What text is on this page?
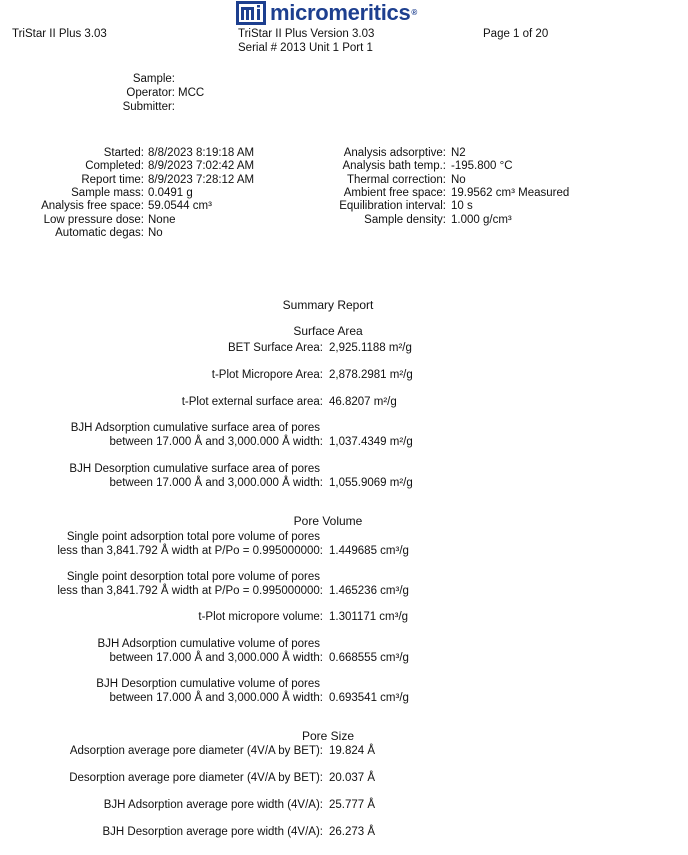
micromeritics®
TriStar II Plus 3.03	TriStar II Plus Version 3.03
Serial # 2013 Unit 1 Port 1
Page 1 of 20
Sample:
Operator: MCC
Submitter:
Started: 8/8/2023 8:19:18 AM
Completed: 8/9/2023 7:02:42 AM
Report time: 8/9/2023 7:28:12 AM
Sample mass: 0.0491 g
Analysis free space: 59.0544 cm³
Low pressure dose: None
Automatic degas: No
Analysis adsorptive: N2
Analysis bath temp.: -195.800 °C
Thermal correction: No
Ambient free space: 19.9562 cm³ Measured
Equilibration interval: 10 s
Sample density: 1.000 g/cm³
Summary Report
Surface Area
BET Surface Area: 2,925.1188 m²/g
t-Plot Micropore Area: 2,878.2981 m²/g
t-Plot external surface area: 46.8207 m²/g
BJH Adsorption cumulative surface area of pores
between 17.000 Å and 3,000.000 Å width: 1,037.4349 m²/g
BJH Desorption cumulative surface area of pores
between 17.000 Å and 3,000.000 Å width: 1,055.9069 m²/g
Pore Volume
Single point adsorption total pore volume of pores
less than 3,841.792 Å width at P/Po = 0.995000000: 1.449685 cm³/g
Single point desorption total pore volume of pores
less than 3,841.792 Å width at P/Po = 0.995000000: 1.465236 cm³/g
t-Plot micropore volume: 1.301171 cm³/g
BJH Adsorption cumulative volume of pores
between 17.000 Å and 3,000.000 Å width: 0.668555 cm³/g
BJH Desorption cumulative volume of pores
between 17.000 Å and 3,000.000 Å width: 0.693541 cm³/g
Pore Size
Adsorption average pore diameter (4V/A by BET): 19.824 Å
Desorption average pore diameter (4V/A by BET): 20.037 Å
BJH Adsorption average pore width (4V/A): 25.777 Å
BJH Desorption average pore width (4V/A): 26.273 Å
